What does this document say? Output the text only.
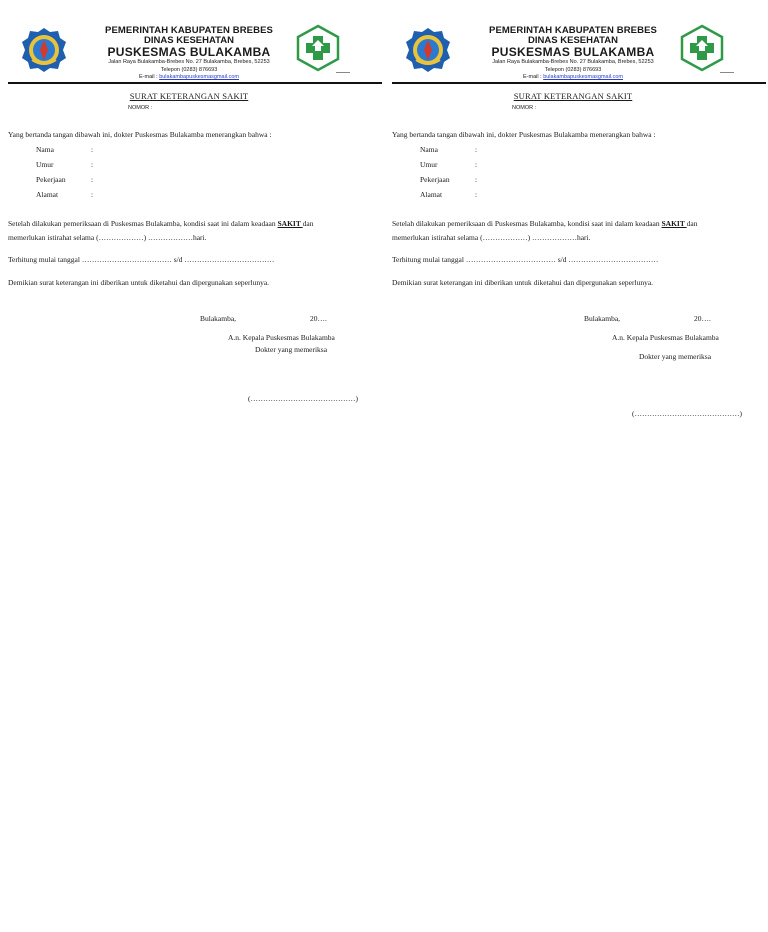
PEMERINTAH KABUPATEN BREBES
DINAS KESEHATAN
PUSKESMAS BULAKAMBA
Jalan Raya Bulakamba-Brebes No. 27 Bulakamba, Brebes, 52253
Telepon (0283) 876693
E-mail : bulakambapuskesmasgmail.com
SURAT KETERANGAN SAKIT
NOMOR :
Yang bertanda tangan dibawah ini, dokter Puskesmas Bulakamba menerangkan bahwa :
Nama	:
Umur	:
Pekerjaan	:
Alamat	:
Setelah dilakukan pemeriksaan di Puskesmas Bulakamba, kondisi saat ini dalam keadaan SAKIT dan
memerlukan istirahat selama (………………) ………………hari.
Terhitung mulai tanggal ……………………………… s/d ………………………………
Demikian surat keterangan ini diberikan untuk diketahui dan dipergunakan seperlunya.
Bulakamba,	20….
A.n. Kepala Puskesmas Bulakamba
Dokter yang memeriksa
(……………………………………)
PEMERINTAH KABUPATEN BREBES
DINAS KESEHATAN
PUSKESMAS BULAKAMBA
Jalan Raya Bulakamba-Brebes No. 27 Bulakamba, Brebes, 52253
Telepon (0283) 876693
E-mail : bulakambapuskesmasgmail.com
SURAT KETERANGAN SAKIT
NOMOR :
Yang bertanda tangan dibawah ini, dokter Puskesmas Bulakamba menerangkan bahwa :
Nama	:
Umur	:
Pekerjaan	:
Alamat	:
Setelah dilakukan pemeriksaan di Puskesmas Bulakamba, kondisi saat ini dalam keadaan SAKIT dan
memerlukan istirahat selama (………………) ………………hari.
Terhitung mulai tanggal ……………………………… s/d ………………………………
Demikian surat keterangan ini diberikan untuk diketahui dan dipergunakan seperlunya.
Bulakamba,	20….
A.n. Kepala Puskesmas Bulakamba
Dokter yang memeriksa
(……………………………………)
